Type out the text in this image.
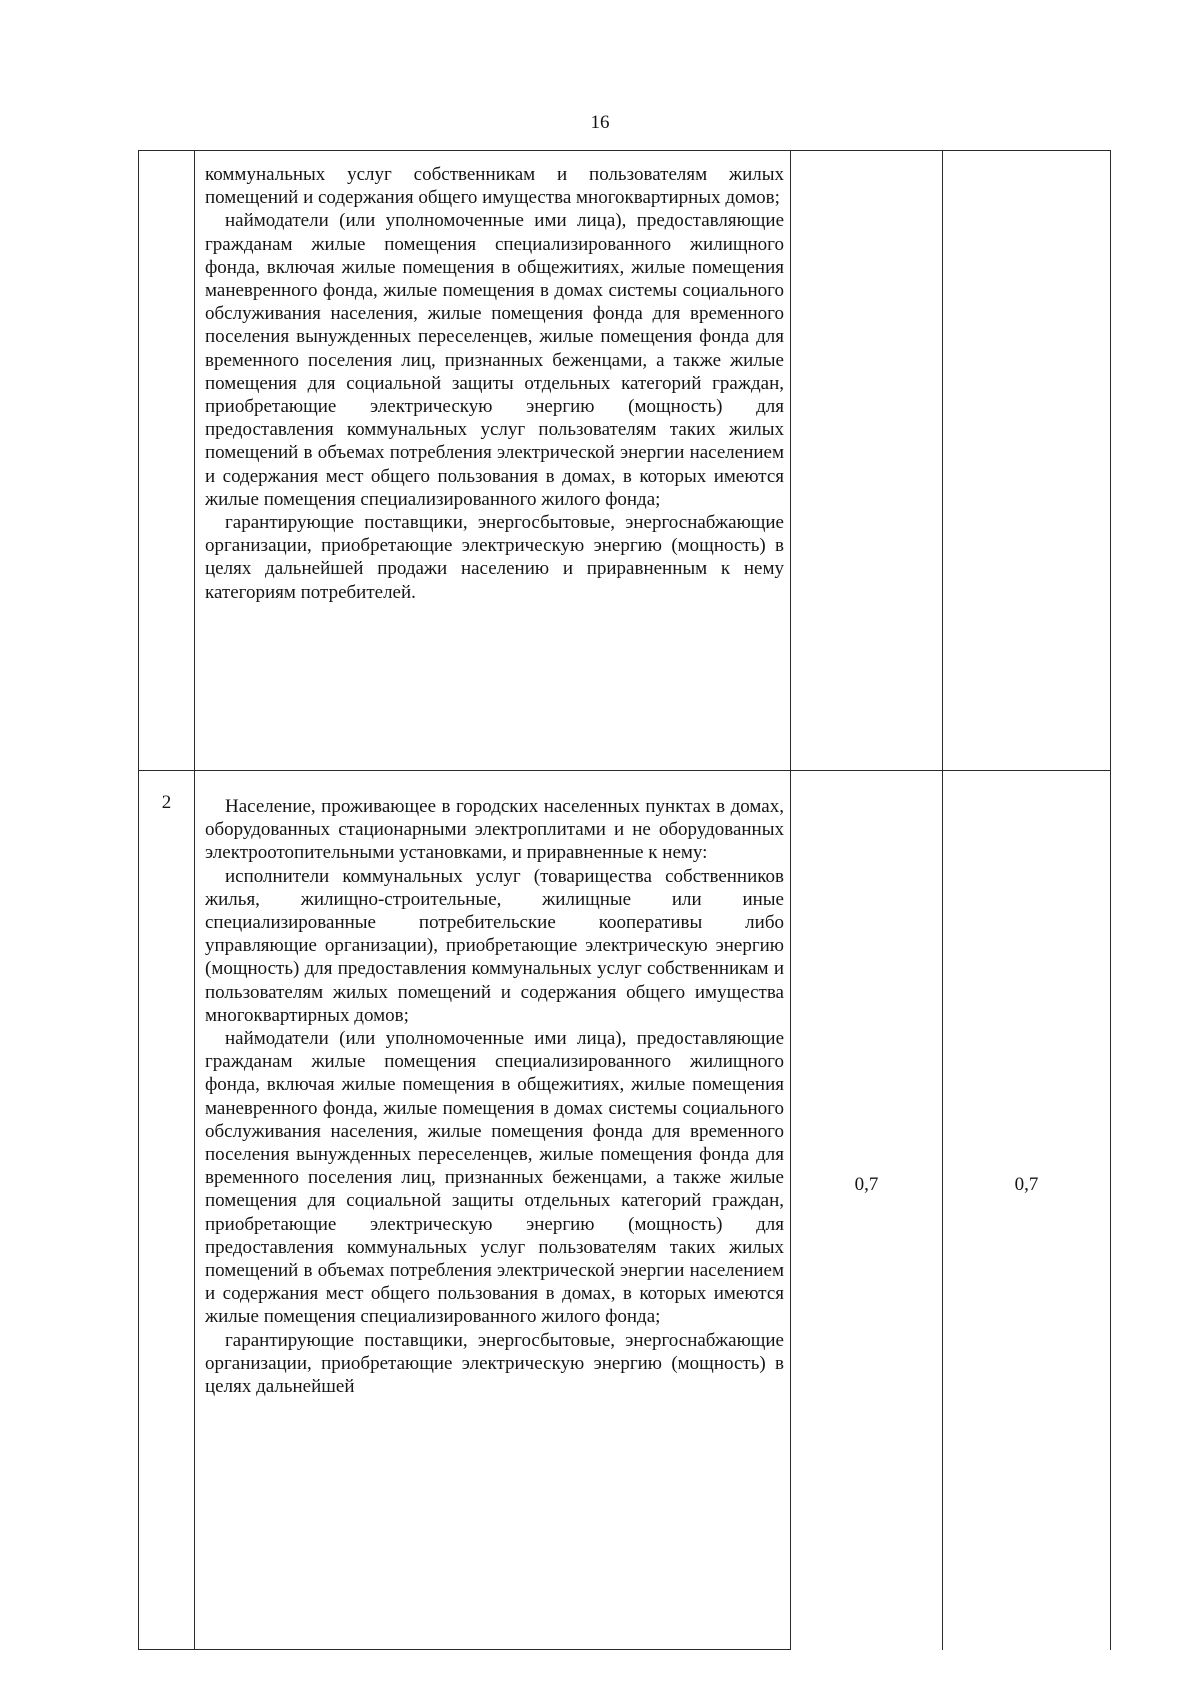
16

	коммунальных услуг собственникам и пользователям жилых помещений и содержания общего имущества многоквартирных домов;

наймодатели (или уполномоченные ими лица), предоставляющие гражданам жилые помещения специализированного жилищного фонда, включая жилые помещения в общежитиях, жилые помещения маневренного фонда, жилые помещения в домах системы социального обслуживания населения, жилые помещения фонда для временного поселения вынужденных переселенцев, жилые помещения фонда для временного поселения лиц, признанных беженцами, а также жилые помещения для социальной защиты отдельных категорий граждан, приобретающие электрическую энергию (мощность) для предоставления коммунальных услуг пользователям таких жилых помещений в объемах потребления электрической энергии населением и содержания мест общего пользования в домах, в которых имеются жилые помещения специализированного жилого фонда;

гарантирующие поставщики, энергосбытовые, энергоснабжающие организации, приобретающие электрическую энергию (мощность) в целях дальнейшей продажи населению и приравненным к нему категориям потребителей.		

2	Население, проживающее в городских населенных пунктах в домах, оборудованных стационарными электроплитами и не оборудованных электроотопительными установками, и приравненные к нему:

исполнители коммунальных услуг (товарищества собственников жилья, жилищно-строительные, жилищные или иные специализированные потребительские кооперативы либо управляющие организации), приобретающие электрическую энергию (мощность) для предоставления коммунальных услуг собственникам и пользователям жилых помещений и содержания общего имущества многоквартирных домов;

наймодатели (или уполномоченные ими лица), предоставляющие гражданам жилые помещения специализированного жилищного фонда, включая жилые помещения в общежитиях, жилые помещения маневренного фонда, жилые помещения в домах системы социального обслуживания населения, жилые помещения фонда для временного поселения вынужденных переселенцев, жилые помещения фонда для временного поселения лиц, признанных беженцами, а также жилые помещения для социальной защиты отдельных категорий граждан, приобретающие электрическую энергию (мощность) для предоставления коммунальных услуг пользователям таких жилых помещений в объемах потребления электрической энергии населением и содержания мест общего пользования в домах, в которых имеются жилые помещения специализированного жилого фонда;

гарантирующие поставщики, энергосбытовые, энергоснабжающие организации, приобретающие электрическую энергию (мощность) в целях дальнейшей	0,7	0,7
